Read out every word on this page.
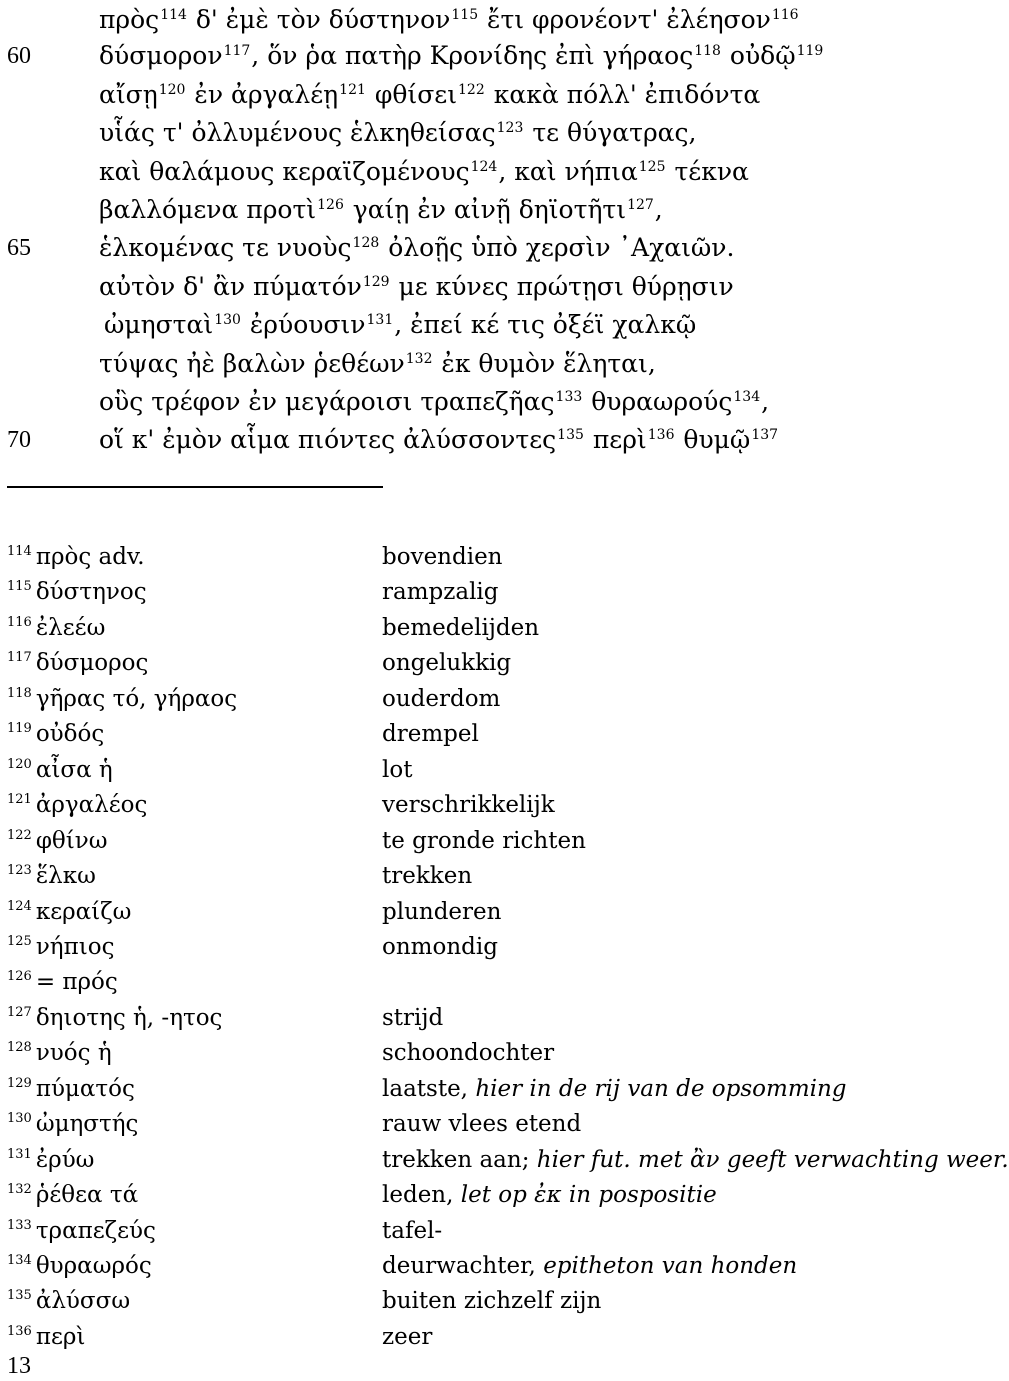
πρὸς$^{114}$ δ' ἐμὲ τὸν δύστηνον$^{115}$ ἔτι φρονέοντ' ἐλέησον$^{116}$
60	δύσμορον$^{117}$, ὅν ῥα πατὴρ Κρονίδης ἐπὶ γήραος$^{118}$ οὐδῷ$^{119}$
αἴσῃ$^{120}$ ἐν ἀργαλέῃ$^{121}$ φθίσει$^{122}$ κακὰ πόλλ' ἐπιδόντα
υἷάς τ' ὀλλυμένους ἑλκηθείσας$^{123}$ τε θύγατρας,
καὶ θαλάμους κεραϊζομένους$^{124}$, καὶ νήπια$^{125}$ τέκνα
βαλλόμενα προτὶ$^{126}$ γαίῃ ἐν αἰνῇ δηϊοτῆτι$^{127}$,
65	ἑλκομένας τε νυοὺς$^{128}$ ὀλοῇς ὑπὸ χερσὶν ᾿Αχαιῶν.
αὐτὸν δ' ἂν πύματόν$^{129}$ με κύνες πρώτῃσι θύρῃσιν
ὠμησταὶ$^{130}$ ἐρύουσιν$^{131}$, ἐπεί κέ τις ὀξέϊ χαλκῷ
τύψας ἠὲ βαλὼν ῥεθέων$^{132}$ ἐκ θυμὸν ἕληται,
οὓς τρέφον ἐν μεγάροισι τραπεζῆας$^{133}$ θυραωρούς$^{134}$,
70	οἵ κ' ἐμὸν αἷμα πιόντες ἀλύσσοντες$^{135}$ περὶ$^{136}$ θυμῷ$^{137}$
$^{114}$ πρὸς adv.	bovendien
$^{115}$ δύστηνος	rampzalig
$^{116}$ ἐλεέω	bemedelijden
$^{117}$ δύσμορος	ongelukkig
$^{118}$ γῆρας τό, γήραος	ouderdom
$^{119}$ οὐδός	drempel
$^{120}$ αἶσα ἡ	lot
$^{121}$ ἀργαλέος	verschrikkelijk
$^{122}$ φθίνω	te gronde richten
$^{123}$ ἕλκω	trekken
$^{124}$ κεραίζω	plunderen
$^{125}$ νήπιος	onmondig
$^{126}$ = πρός
$^{127}$ δηιοτης ἡ, -ητος	strijd
$^{128}$ νυός ἡ	schoondochter
$^{129}$ πύματός	laatste, hier in de rij van de opsomming
$^{130}$ ὠμηστής	rauw vlees etend
$^{131}$ ἐρύω	trekken aan; hier fut. met ἂν geeft verwachting weer.
$^{132}$ ῥέθεα τά	leden, let op ἐκ in pospositie
$^{133}$ τραπεζεύς	tafel-
$^{134}$ θυραωρός	deurwachter, epitheton van honden
$^{135}$ ἀλύσσω	buiten zichzelf zijn
$^{136}$ περὶ	zeer
13
